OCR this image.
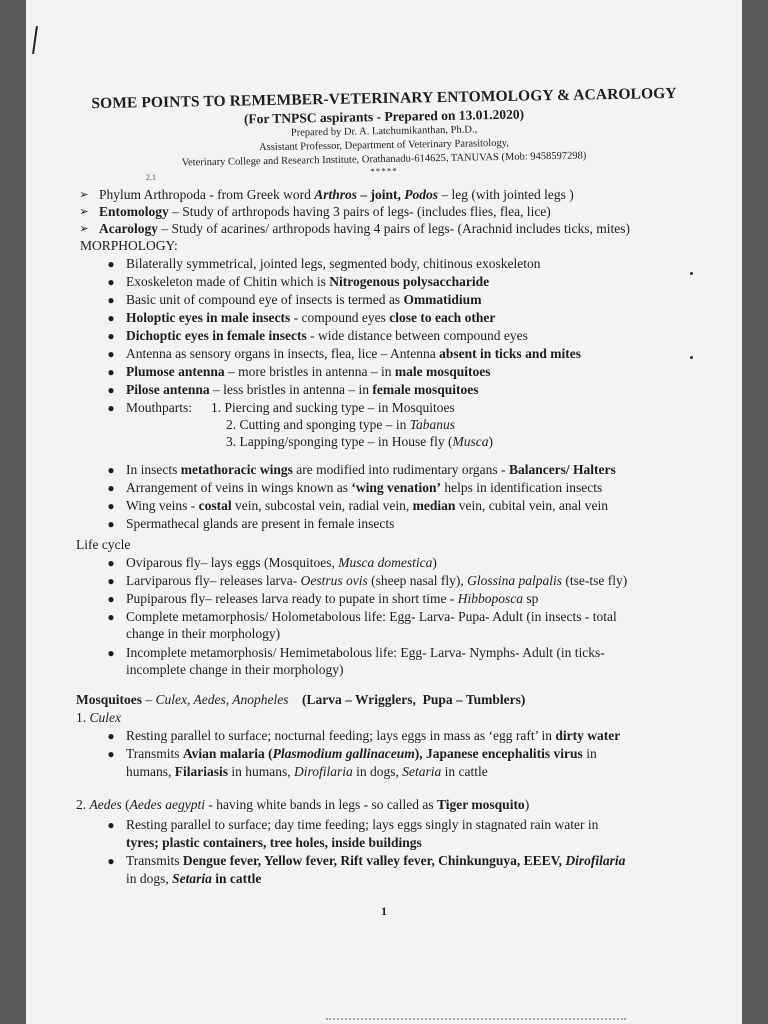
SOME POINTS TO REMEMBER-VETERINARY ENTOMOLOGY & ACAROLOGY
(For TNPSC aspirants - Prepared on 13.01.2020)
Prepared by Dr. A. Latchumikanthan, Ph.D.,
Assistant Professor, Department of Veterinary Parasitology,
Veterinary College and Research Institute, Orathanadu-614625, TANUVAS (Mob: 9458597298)
*****
2.1
➢ Phylum Arthropoda - from Greek word Arthros – joint, Podos – leg (with jointed legs )
➢ Entomology – Study of arthropods having 3 pairs of legs- (includes flies, flea, lice)
➢ Acarology – Study of acarines/ arthropods having 4 pairs of legs- (Arachnid includes ticks, mites)
MORPHOLOGY:
● Bilaterally symmetrical, jointed legs, segmented body, chitinous exoskeleton
● Exoskeleton made of Chitin which is Nitrogenous polysaccharide
● Basic unit of compound eye of insects is termed as Ommatidium
● Holoptic eyes in male insects - compound eyes close to each other
● Dichoptic eyes in female insects - wide distance between compound eyes
● Antenna as sensory organs in insects, flea, lice – Antenna absent in ticks and mites
● Plumose antenna – more bristles in antenna – in male mosquitoes
● Pilose antenna – less bristles in antenna – in female mosquitoes
● Mouthparts: 1. Piercing and sucking type – in Mosquitoes
2. Cutting and sponging type – in Tabanus
3. Lapping/sponging type – in House fly (Musca)
● In insects metathoracic wings are modified into rudimentary organs - Balancers/ Halters
● Arrangement of veins in wings known as ‘wing venation’ helps in identification insects
● Wing veins - costal vein, subcostal vein, radial vein, median vein, cubital vein, anal vein
● Spermathecal glands are present in female insects
Life cycle
● Oviparous fly– lays eggs (Mosquitoes, Musca domestica)
● Larviparous fly– releases larva- Oestrus ovis (sheep nasal fly), Glossina palpalis (tse-tse fly)
● Pupiparous fly– releases larva ready to pupate in short time - Hibboposca sp
● Complete metamorphosis/ Holometabolous life: Egg- Larva- Pupa- Adult (in insects - total
change in their morphology)
● Incomplete metamorphosis/ Hemimetabolous life: Egg- Larva- Nymphs- Adult (in ticks-
incomplete change in their morphology)
Mosquitoes – Culex, Aedes, Anopheles    (Larva – Wrigglers,  Pupa – Tumblers)
1. Culex
● Resting parallel to surface; nocturnal feeding; lays eggs in mass as ‘egg raft’ in dirty water
● Transmits Avian malaria (Plasmodium gallinaceum), Japanese encephalitis virus in
humans, Filariasis in humans, Dirofilaria in dogs, Setaria in cattle
2. Aedes (Aedes aegypti - having white bands in legs - so called as Tiger mosquito)
● Resting parallel to surface; day time feeding; lays eggs singly in stagnated rain water in
tyres; plastic containers, tree holes, inside buildings
● Transmits Dengue fever, Yellow fever, Rift valley fever, Chinkunguya, EEEV, Dirofilaria
in dogs, Setaria in cattle
1
